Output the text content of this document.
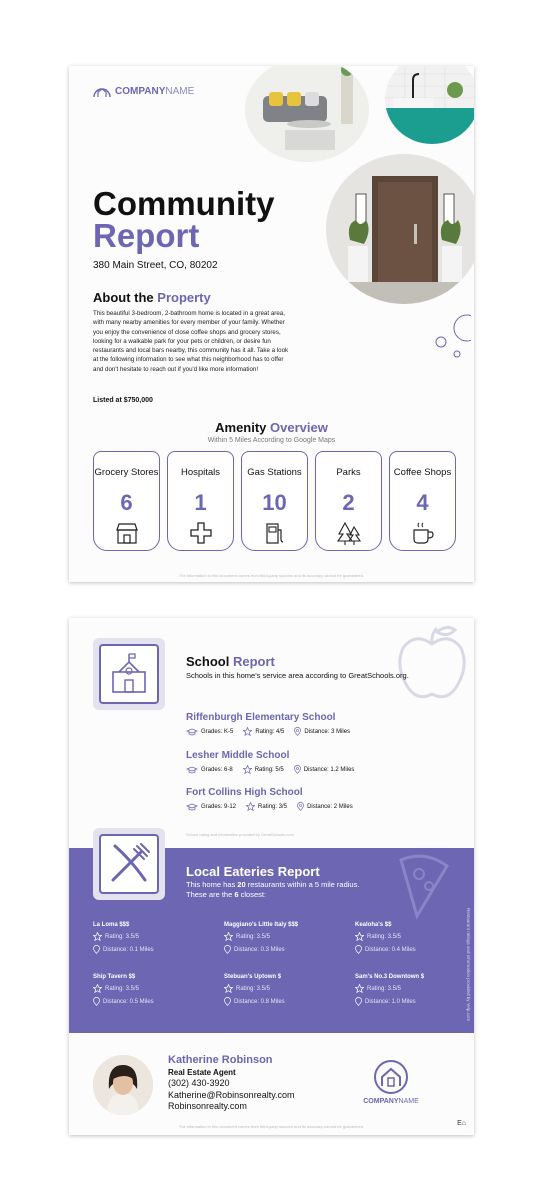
COMPANYNAME
Community
Report
380 Main Street, CO, 80202
About the Property
This beautiful 3-bedroom, 2-bathroom home is located in a great area, with many nearby amenities for every member of your family. Whether you enjoy the convenience of close coffee shops and grocery stores, looking for a walkable park for your pets or children, or desire fun restaurants and local bars nearby, this community has it all. Take a look at the following information to see what this neighborhood has to offer and don't hesitate to reach out if you'd like more information!
Listed at $750,000
Amenity Overview
Within 5 Miles According to Google Maps
Grocery Stores
6
Hospitals
1
Gas Stations
10
Parks
2
Coffee Shops
4
The information in this document comes from third-party sources and its accuracy cannot be guaranteed.
School Report
Schools in this home's service area according to GreatSchools.org.
Riffenburgh Elementary School
Grades: K-5	Rating: 4/5	Distance: 3 Miles
Lesher Middle School
Grades: 6-8	Rating: 5/5	Distance: 1.2 Miles
Fort Collins High School
Grades: 9-12	Rating: 3/5	Distance: 2 Miles
School rating and information provided by GreatSchools.com
Local Eateries Report
This home has 20 restaurants within a 5 mile radius.
These are the 6 closest:
La Loma $$$
Rating: 3.5/5
Distance: 0.1 Miles
Maggiano's Little Italy $$$
Rating: 3.5/5
Distance: 0.3 Miles
Kealoha's $$
Rating: 3.5/5
Distance: 0.4 Miles
Ship Tavern $$
Rating: 3.5/5
Distance: 0.5 Miles
Stebuan's Uptown $
Rating: 3.5/5
Distance: 0.8 Miles
Sam's No.3 Downtown $
Rating: 3.5/5
Distance: 1.0 Miles	Restaurant ratings and information provided by Yelp.com
Katherine Robinson
Real Estate Agent
(302) 430-3920
Katherine@Robinsonrealty.com
Robinsonrealty.com	COMPANYNAME
The information in this document comes from third-party sources and its accuracy cannot be guaranteed.	E⌂
